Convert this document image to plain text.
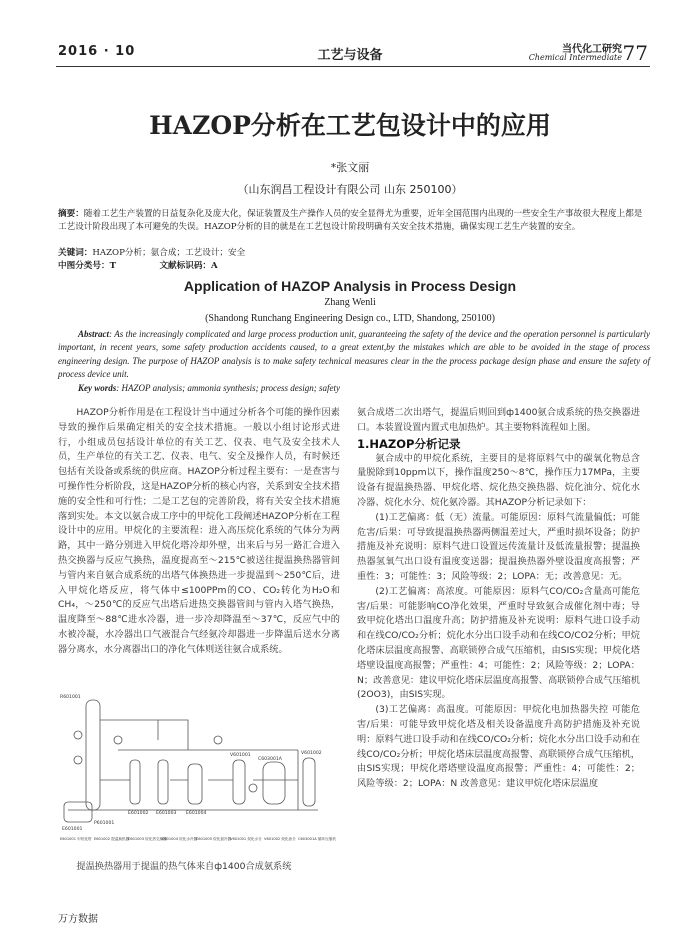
2016 · 10	工艺与设备	当代化工研究
Chemical Intermediate 77
HAZOP分析在工艺包设计中的应用
*张文丽
（山东润昌工程设计有限公司 山东 250100）
摘要：随着工艺生产装置的日益复杂化及庞大化，保证装置及生产操作人员的安全显得尤为重要，近年全国范围内出现的一些安全生产事故很大程度上都是工艺设计阶段出现了本可避免的失误。HAZOP分析的目的就是在工艺包设计阶段明确有关安全技术措施，确保实现工艺生产装置的安全。
关键词：HAZOP分析；氨合成；工艺设计；安全
中图分类号：T	文献标识码：A
Application of HAZOP Analysis in Process Design
Zhang Wenli
(Shandong Runchang Engineering Design co., LTD, Shandong, 250100)
Abstract: As the increasingly complicated and large process production unit, guaranteeing the safety of the device and the operation personnel is particularly important, in recent years, some safety production accidents caused, to a great extent,by the mistakes which are able to be avoided in the stage of process engineering design. The purpose of HAZOP analysis is to make safety technical measures clear in the the process package design phase and ensure the safety of process device unit.
Key words: HAZOP analysis; ammonia synthesis; process design; safety

HAZOP分析作用是在工程设计当中通过分析各个可能的操作因素导致的操作后果确定相关的安全技术措施。一般以小组讨论形式进行，小组成员包括设计单位的有关工艺、仪表、电气及安全技术人员，生产单位的有关工艺、仪表、电气、安全及操作人员，有时候还包括有关设备或系统的供应商。HAZOP分析过程主要有：一是查害与可操作性分析阶段，这是HAZOP分析的核心内容，关系到安全技术措施的安全性和可行性；二是工艺包的完善阶段，将有关安全技术措施落到实处。本文以氨合成工序中的甲烷化工段阐述HAZOP分析在工程设计中的应用。甲烷化的主要流程：进入高压烷化系统的气体分为两路，其中一路分别进入甲烷化塔冷却外壁，出来后与另一路汇合进入热交换器与反应气换热，温度提高至～215℃被送往提温换热器管间与管内来自氨合成系统的出塔气体换热进一步提温到～250℃后，进入甲烷化塔反应，将气体中≤100PPm的CO、CO₂转化为H₂O和CH₄，～250℃的反应气出塔后进热交换器管间与管内入塔气换热，温度降至～88℃进水冷器，进一步冷却降温至～37℃，反应气中的水被冷凝，水冷器出口气液混合气经氨冷却器进一步降温后送水分离器分离水，水分离器出口的净化气体则送往氨合成系统。

R601001
E601002 E601003 E601004
V601001
C603001A
V601002
E601001
P601001
E601001 甲烷化塔 E601002 提温换热器
E601003 烷化热交换器
E601004 烷化水冷器
E601005 烷化氨冷器
V601001 烷化水分 V601002 烷化油分 C603001A 循环压缩机
提温换热器用于提温的热气体来自ф1400合成氨系统

氨合成塔二次出塔气，提温后则回到ф1400氨合成系统的热交换器进口。本装置设置内置式电加热炉。其主要物料流程如上图。

1.HAZOP分析记录

氨合成中的甲烷化系统，主要目的是将原料气中的碳氧化物总含量脱除到10ppm以下，操作温度250～8℃，操作压力17MPa，主要设备有提温换热器、甲烷化塔、烷化热交换热器、烷化油分、烷化水冷器、烷化水分、烷化氨冷器。其HAZOP分析记录如下：

(1)工艺偏离：低（无）流量。可能原因：原料气流量偏低；可能危害/后果：可导致提温换热器两侧温差过大，严重时损坏设备；防护措施及补充说明：原料气进口设置远传流量计及低流量报警；提温换热器氢氧气出口设有温度变送器；提温换热器外壁设温度高报警；严重性：3；可能性：3；风险等级：2；LOPA：无；改善意见：无。

(2)工艺偏离：高浓度。可能原因：原料气CO/CO₂含量高可能危害/后果：可能影响CO净化效果，严重时导致氨合成催化剂中毒；导致甲烷化塔出口温度升高；防护措施及补充说明：原料气进口设手动和在线CO/CO₂分析；烷化水分出口设手动和在线CO/CO2分析；甲烷化塔床层温度高报警、高联锁停合成气压缩机，由SIS实现；甲烷化塔塔壁设温度高报警；严重性：4；可能性：2；风险等级：2；LOPA：N；改善意见：建议甲烷化塔床层温度高报警、高联锁停合成气压缩机(2OO3)，由SIS实现。

(3)工艺偏离：高温度。可能原因：甲烷化电加热器失控 可能危害/后果：可能导致甲烷化塔及相关设备温度升高防护措施及补充说明：原料气进口设手动和在线CO/CO₂分析；烷化水分出口设手动和在线CO/CO₂分析；甲烷化塔床层温度高报警、高联锁停合成气压缩机，由SIS实现；甲烷化塔塔壁设温度高报警；严重性：4；可能性：2；风险等级：2；LOPA：N 改善意见：建议甲烷化塔床层温度

万方数据
